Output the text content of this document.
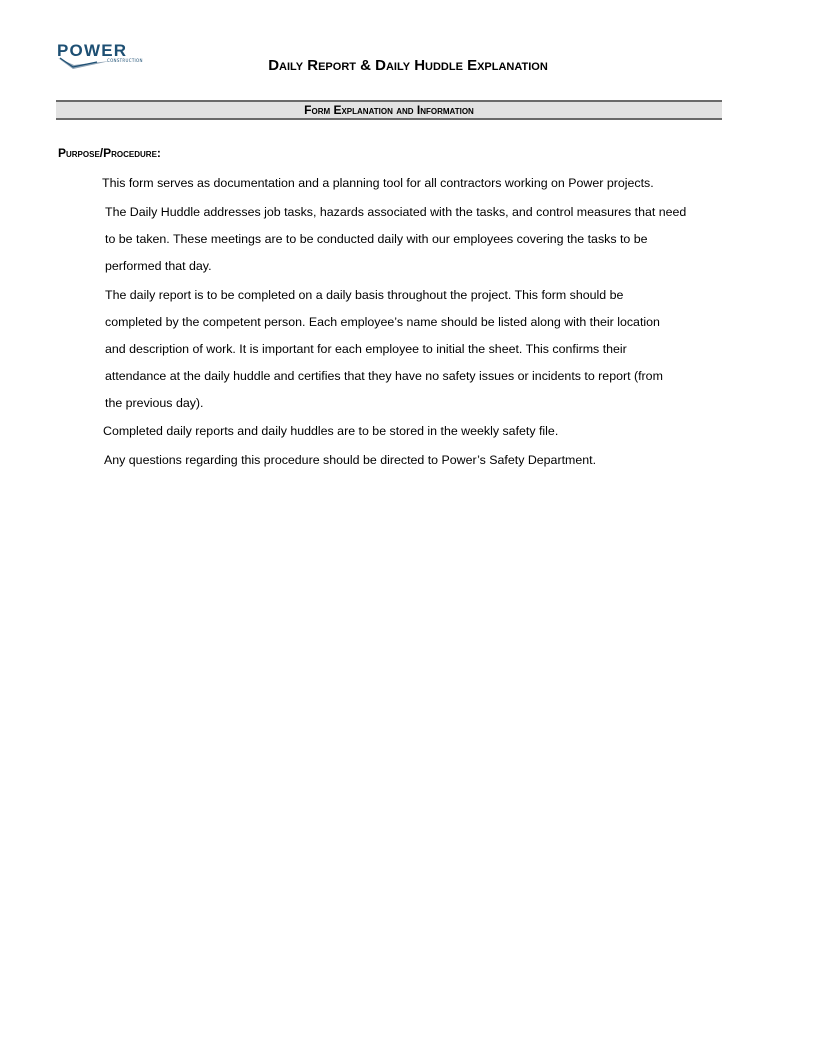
POWER
CONSTRUCTION	Daily Report & Daily Huddle Explanation
Form Explanation and Information
Purpose/Procedure:
This form serves as documentation and a planning tool for all contractors working on Power projects.
The Daily Huddle addresses job tasks, hazards associated with the tasks, and control measures that need
to be taken. These meetings are to be conducted daily with our employees covering the tasks to be
performed that day.
The daily report is to be completed on a daily basis throughout the project. This form should be
completed by the competent person. Each employee’s name should be listed along with their location
and description of work. It is important for each employee to initial the sheet. This confirms their
attendance at the daily huddle and certifies that they have no safety issues or incidents to report (from
the previous day).
Completed daily reports and daily huddles are to be stored in the weekly safety file.
Any questions regarding this procedure should be directed to Power’s Safety Department.
